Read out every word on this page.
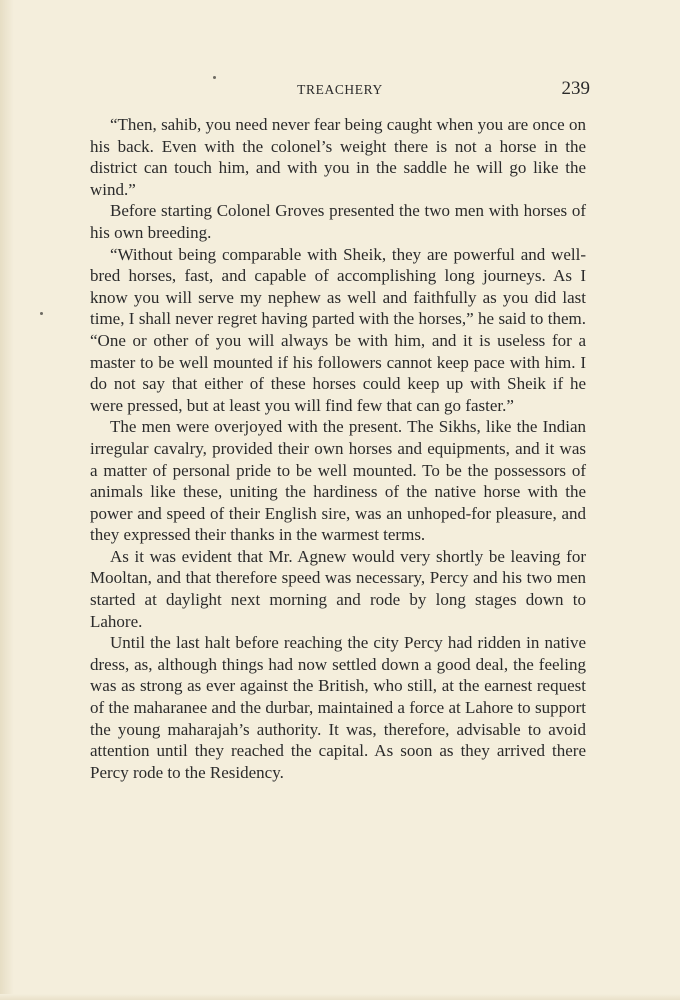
TREACHERY	239

“Then, sahib, you need never fear being caught when you are once on his back. Even with the colonel’s weight there is not a horse in the district can touch him, and with you in the saddle he will go like the wind.”

Before starting Colonel Groves presented the two men with horses of his own breeding.

“Without being comparable with Sheik, they are powerful and well-bred horses, fast, and capable of accomplishing long journeys. As I know you will serve my nephew as well and faithfully as you did last time, I shall never regret having parted with the horses,” he said to them. “One or other of you will always be with him, and it is useless for a master to be well mounted if his followers cannot keep pace with him. I do not say that either of these horses could keep up with Sheik if he were pressed, but at least you will find few that can go faster.”

The men were overjoyed with the present. The Sikhs, like the Indian irregular cavalry, provided their own horses and equipments, and it was a matter of personal pride to be well mounted. To be the possessors of animals like these, uniting the hardiness of the native horse with the power and speed of their English sire, was an unhoped-for pleasure, and they expressed their thanks in the warmest terms.

As it was evident that Mr. Agnew would very shortly be leaving for Mooltan, and that therefore speed was necessary, Percy and his two men started at daylight next morning and rode by long stages down to Lahore.

Until the last halt before reaching the city Percy had ridden in native dress, as, although things had now settled down a good deal, the feeling was as strong as ever against the British, who still, at the earnest request of the maharanee and the durbar, maintained a force at Lahore to support the young maharajah’s authority. It was, therefore, advisable to avoid attention until they reached the capital. As soon as they arrived there Percy rode to the Residency.
